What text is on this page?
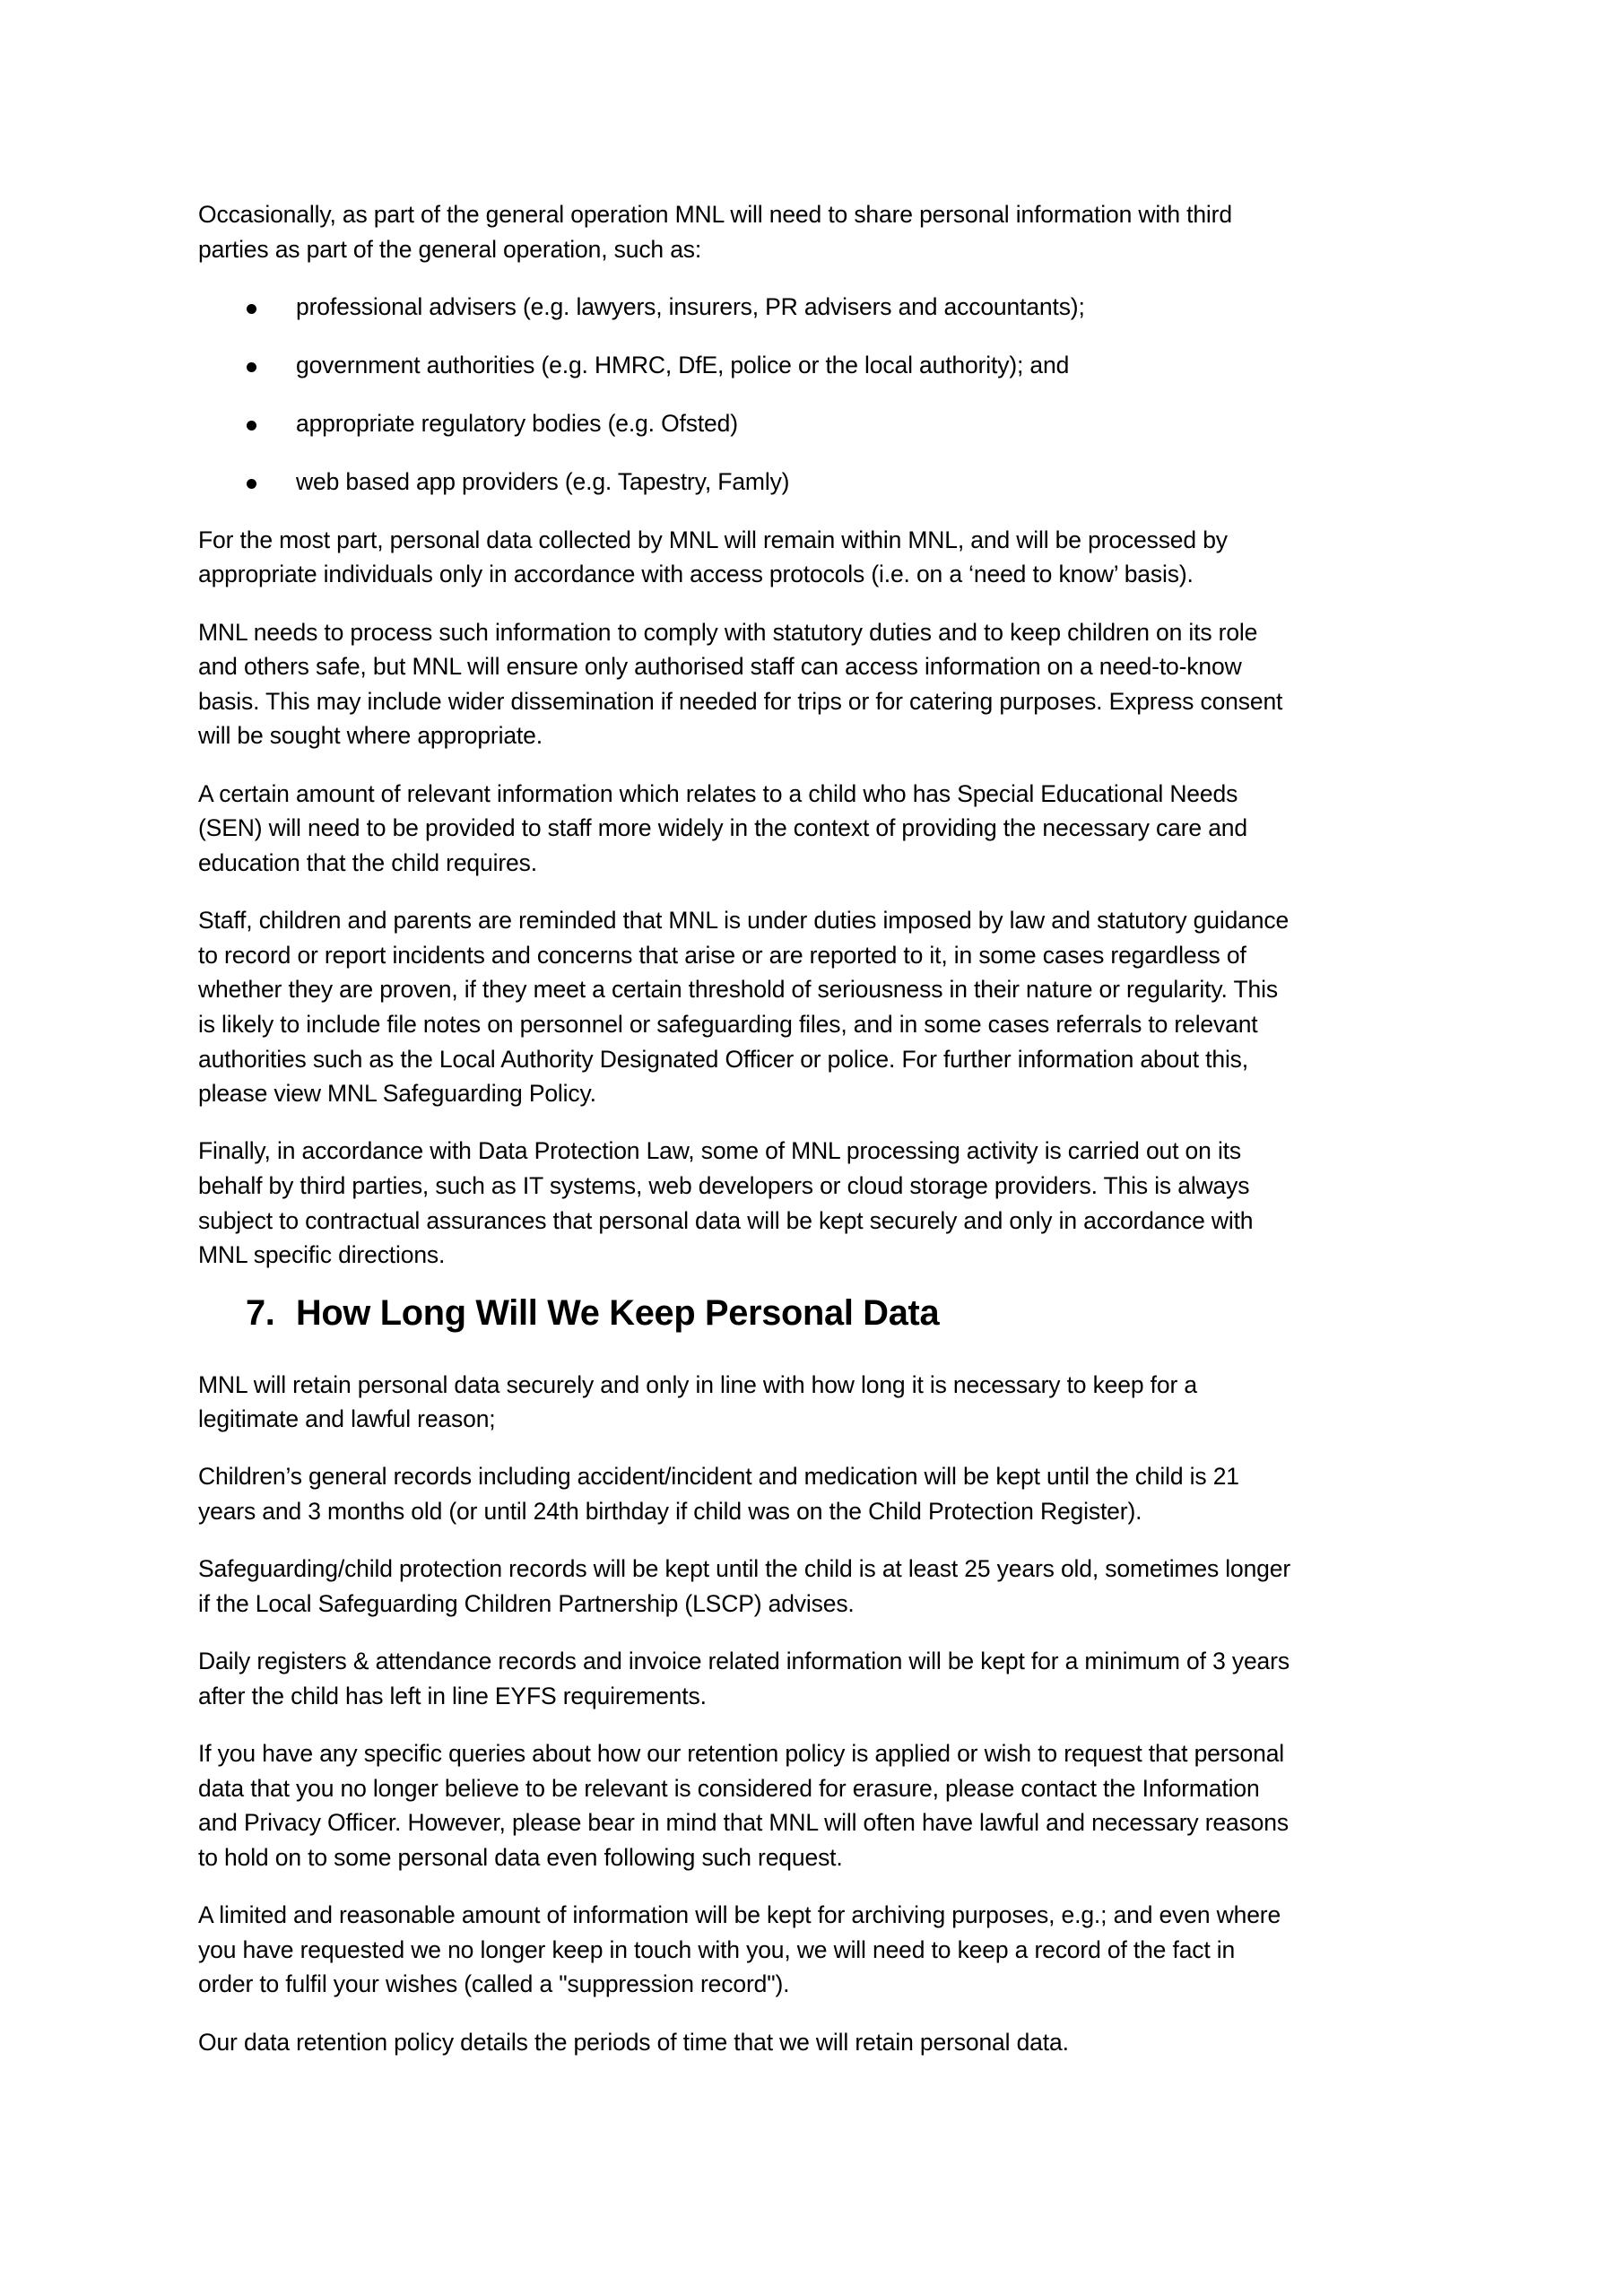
Occasionally, as part of the general operation MNL will need to share personal information with third
parties as part of the general operation, such as:

professional advisers (e.g. lawyers, insurers, PR advisers and accountants);
government authorities (e.g. HMRC, DfE, police or the local authority); and
appropriate regulatory bodies (e.g. Ofsted)
web based app providers (e.g. Tapestry, Famly)

For the most part, personal data collected by MNL will remain within MNL, and will be processed by
appropriate individuals only in accordance with access protocols (i.e. on a ‘need to know’ basis).

MNL needs to process such information to comply with statutory duties and to keep children on its role
and others safe, but MNL will ensure only authorised staff can access information on a need-to-know
basis. This may include wider dissemination if needed for trips or for catering purposes. Express consent
will be sought where appropriate.

A certain amount of relevant information which relates to a child who has Special Educational Needs
(SEN) will need to be provided to staff more widely in the context of providing the necessary care and
education that the child requires.

Staff, children and parents are reminded that MNL is under duties imposed by law and statutory guidance
to record or report incidents and concerns that arise or are reported to it, in some cases regardless of
whether they are proven, if they meet a certain threshold of seriousness in their nature or regularity. This
is likely to include file notes on personnel or safeguarding files, and in some cases referrals to relevant
authorities such as the Local Authority Designated Officer or police. For further information about this,
please view MNL Safeguarding Policy.

Finally, in accordance with Data Protection Law, some of MNL processing activity is carried out on its
behalf by third parties, such as IT systems, web developers or cloud storage providers. This is always
subject to contractual assurances that personal data will be kept securely and only in accordance with
MNL specific directions.

7. How Long Will We Keep Personal Data

MNL will retain personal data securely and only in line with how long it is necessary to keep for a
legitimate and lawful reason;

Children’s general records including accident/incident and medication will be kept until the child is 21
years and 3 months old (or until 24th birthday if child was on the Child Protection Register).

Safeguarding/child protection records will be kept until the child is at least 25 years old, sometimes longer
if the Local Safeguarding Children Partnership (LSCP) advises.

Daily registers & attendance records and invoice related information will be kept for a minimum of 3 years
after the child has left in line EYFS requirements.

If you have any specific queries about how our retention policy is applied or wish to request that personal
data that you no longer believe to be relevant is considered for erasure, please contact the Information
and Privacy Officer. However, please bear in mind that MNL will often have lawful and necessary reasons
to hold on to some personal data even following such request.

A limited and reasonable amount of information will be kept for archiving purposes, e.g.; and even where
you have requested we no longer keep in touch with you, we will need to keep a record of the fact in
order to fulfil your wishes (called a "suppression record").

Our data retention policy details the periods of time that we will retain personal data.
